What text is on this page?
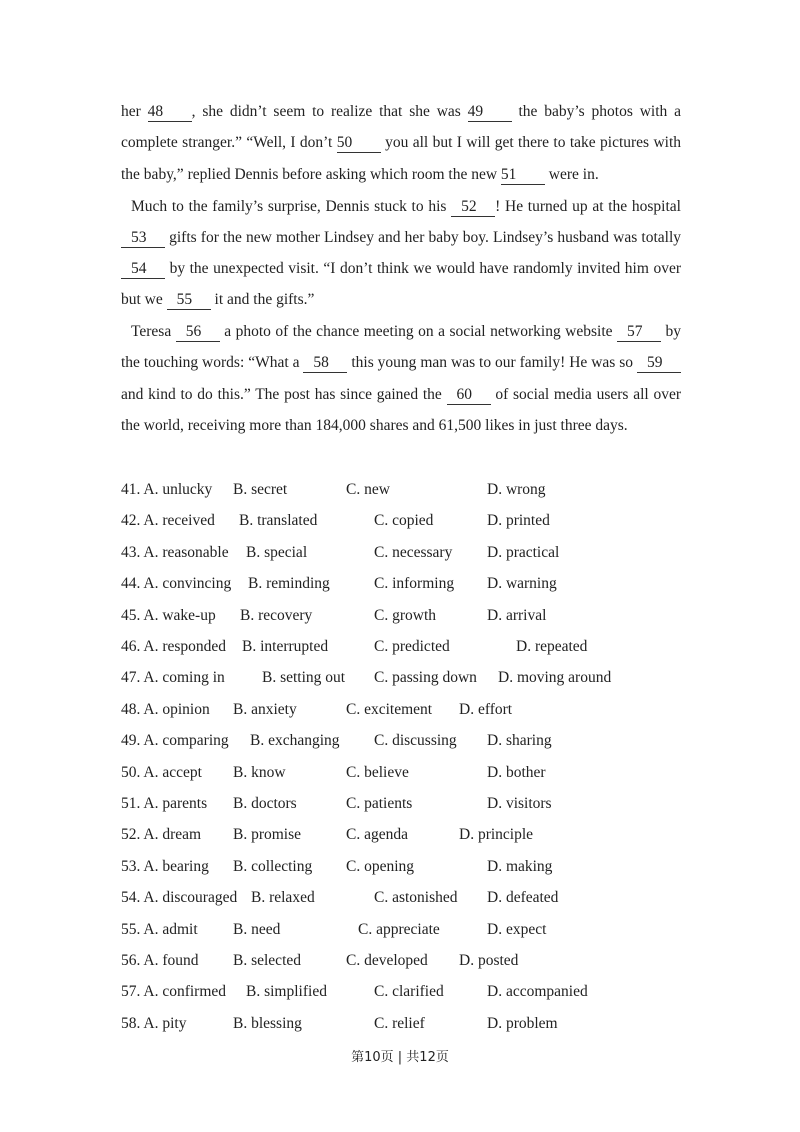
her 48 , she didn’t seem to realize that she was 49 the baby’s photos with a complete stranger.” “Well, I don’t 50 you all but I will get there to take pictures with the baby,” replied Dennis before asking which room the new 51 were in.

Much to the family’s surprise, Dennis stuck to his 52 ! He turned up at the hospital 53 gifts for the new mother Lindsey and her baby boy. Lindsey’s husband was totally 54 by the unexpected visit. “I don’t think we would have randomly invited him over but we 55 it and the gifts.”

Teresa 56 a photo of the chance meeting on a social networking website 57 by the touching words: “What a 58 this young man was to our family! He was so 59 and kind to do this.” The post has since gained the 60 of social media users all over the world, receiving more than 184,000 shares and 61,500 likes in just three days.

41. A. unlucky B. secret	C. new	D. wrong
42. A. received B. translated	C. copied	D. printed
43. A. reasonable B. special	C. necessary D. practical
44. A. convincing B. reminding	C. informing D. warning
45. A. wake-up B. recovery	C. growth	D. arrival
46. A. responded B. interrupted	C. predicted	D. repeated
47. A. coming in B. setting out C. passing down D. moving around
48. A. opinion B. anxiety	C. excitement D. effort
49. A. comparing B. exchanging C. discussing D. sharing
50. A. accept B. know	C. believe	D. bother
51. A. parents B. doctors	C. patients	D. visitors
52. A. dream B. promise	C. agenda	D. principle
53. A. bearing B. collecting C. opening	D. making
54. A. discouraged B. relaxed	C. astonished D. defeated
55. A. admit B. need	C. appreciate	D. expect
56. A. found B. selected	C. developed D. posted
57. A. confirmed B. simplified	C. clarified	D. accompanied
58. A. pity	B. blessing	C. relief	D. problem
第10页 | 共12页
